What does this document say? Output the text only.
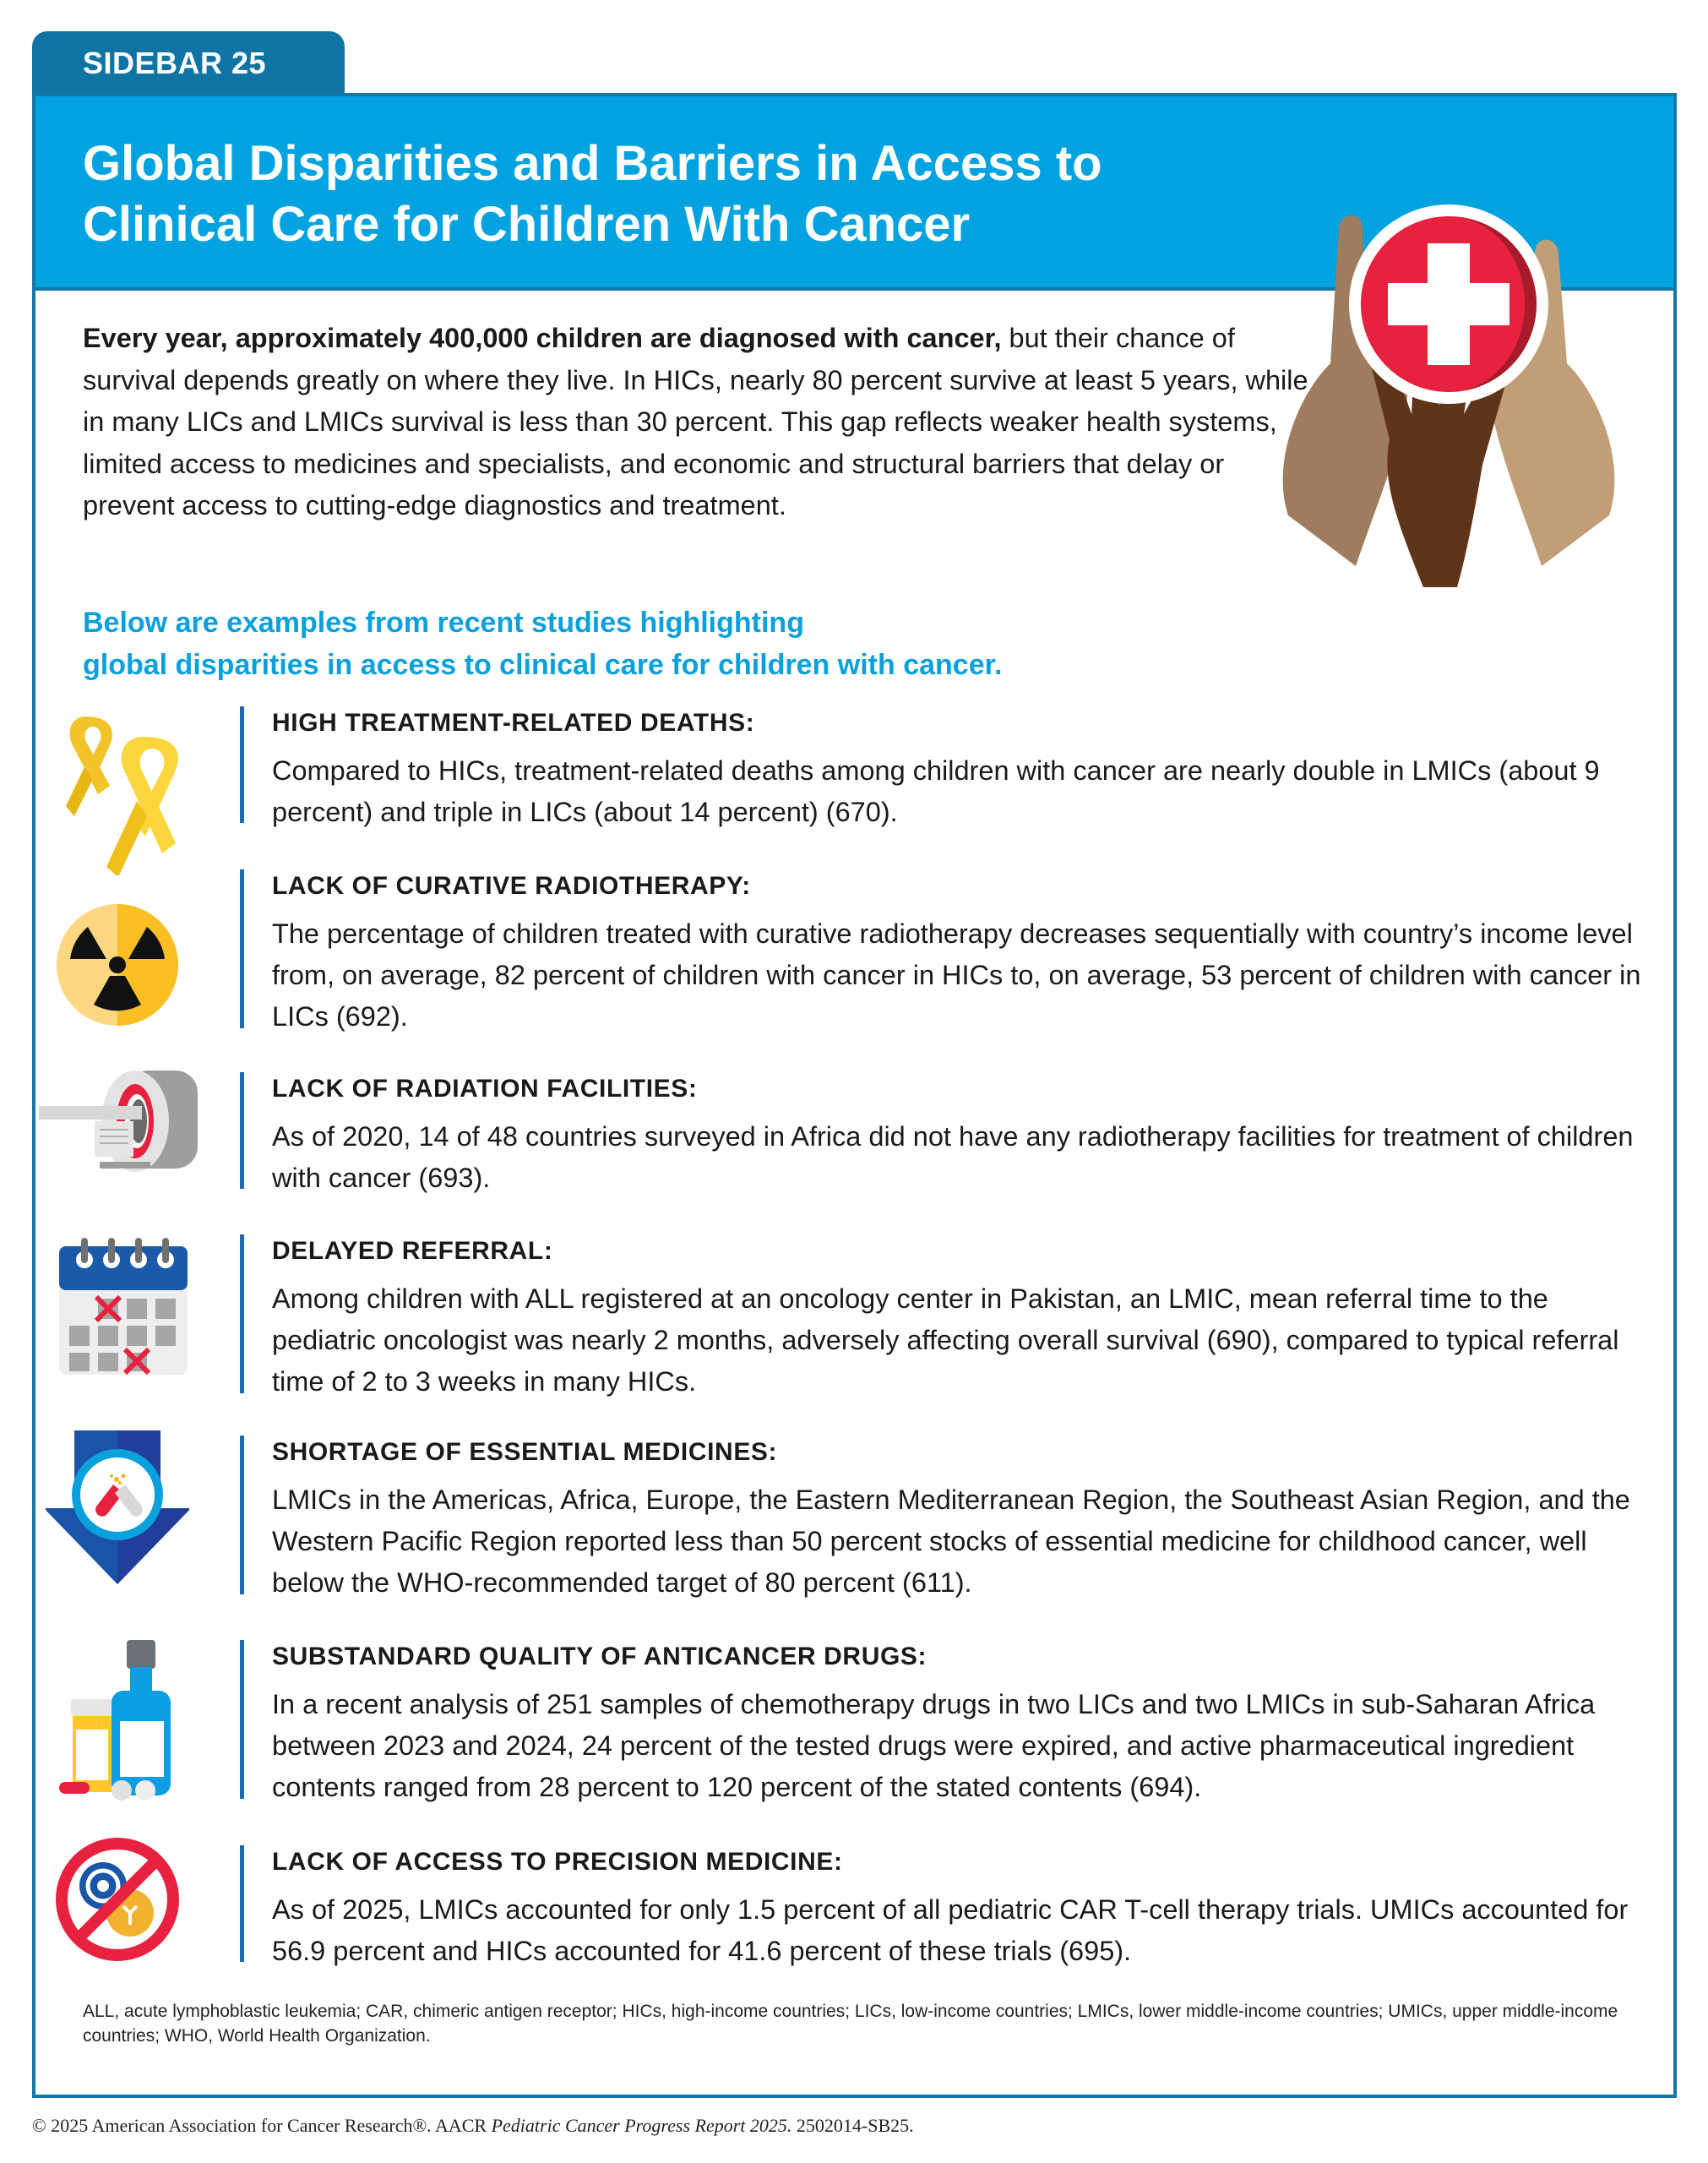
SIDEBAR 25
Global Disparities and Barriers in Access to
Clinical Care for Children With Cancer
Every year, approximately 400,000 children are diagnosed with cancer, but their chance of survival depends greatly on where they live. In HICs, nearly 80 percent survive at least 5 years, while in many LICs and LMICs survival is less than 30 percent. This gap reflects weaker health systems, limited access to medicines and specialists, and economic and structural barriers that delay or prevent access to cutting-edge diagnostics and treatment.
Below are examples from recent studies highlighting
global disparities in access to clinical care for children with cancer.
HIGH TREATMENT-RELATED DEATHS:
Compared to HICs, treatment-related deaths among children with cancer are nearly double in LMICs (about 9 percent) and triple in LICs (about 14 percent) (670).
LACK OF CURATIVE RADIOTHERAPY:
The percentage of children treated with curative radiotherapy decreases sequentially with country’s income level from, on average, 82 percent of children with cancer in HICs to, on average, 53 percent of children with cancer in LICs (692).
LACK OF RADIATION FACILITIES:
As of 2020, 14 of 48 countries surveyed in Africa did not have any radiotherapy facilities for treatment of children with cancer (693).
DELAYED REFERRAL:
Among children with ALL registered at an oncology center in Pakistan, an LMIC, mean referral time to the pediatric oncologist was nearly 2 months, adversely affecting overall survival (690), compared to typical referral time of 2 to 3 weeks in many HICs.
SHORTAGE OF ESSENTIAL MEDICINES:
LMICs in the Americas, Africa, Europe, the Eastern Mediterranean Region, the Southeast Asian Region, and the Western Pacific Region reported less than 50 percent stocks of essential medicine for childhood cancer, well below the WHO-recommended target of 80 percent (611).
SUBSTANDARD QUALITY OF ANTICANCER DRUGS:
In a recent analysis of 251 samples of chemotherapy drugs in two LICs and two LMICs in sub-Saharan Africa between 2023 and 2024, 24 percent of the tested drugs were expired, and active pharmaceutical ingredient contents ranged from 28 percent to 120 percent of the stated contents (694).
LACK OF ACCESS TO PRECISION MEDICINE:
As of 2025, LMICs accounted for only 1.5 percent of all pediatric CAR T-cell therapy trials. UMICs accounted for 56.9 percent and HICs accounted for 41.6 percent of these trials (695).
ALL, acute lymphoblastic leukemia; CAR, chimeric antigen receptor; HICs, high-income countries; LICs, low-income countries; LMICs, lower middle-income countries; UMICs, upper middle-income countries; WHO, World Health Organization.
© 2025 American Association for Cancer Research®. AACR Pediatric Cancer Progress Report 2025. 2502014-SB25.
